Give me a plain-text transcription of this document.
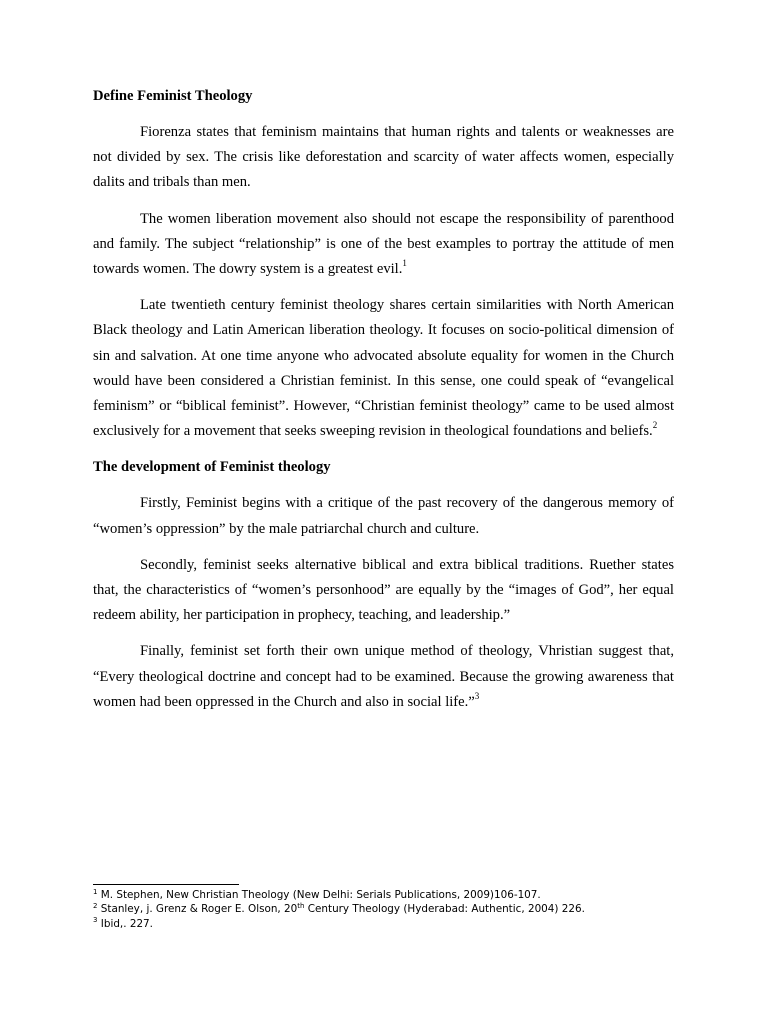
Define Feminist Theology

Fiorenza states that feminism maintains that human rights and talents or weaknesses are not divided by sex. The crisis like deforestation and scarcity of water affects women, especially dalits and tribals than men.

The women liberation movement also should not escape the responsibility of parenthood and family. The subject “relationship” is one of the best examples to portray the attitude of men towards women. The dowry system is a greatest evil.$^1$

Late twentieth century feminist theology shares certain similarities with North American Black theology and Latin American liberation theology. It focuses on socio-political dimension of sin and salvation. At one time anyone who advocated absolute equality for women in the Church would have been considered a Christian feminist. In this sense, one could speak of “evangelical feminism” or “biblical feminist”. However, “Christian feminist theology” came to be used almost exclusively for a movement that seeks sweeping revision in theological foundations and beliefs.$^2$

The development of Feminist theology

Firstly, Feminist begins with a critique of the past recovery of the dangerous memory of “women’s oppression” by the male patriarchal church and culture.

Secondly, feminist seeks alternative biblical and extra biblical traditions. Ruether states that, the characteristics of “women’s personhood” are equally by the “images of God”, her equal redeem ability, her participation in prophecy, teaching, and leadership.”

Finally, feminist set forth their own unique method of theology, Vhristian suggest that, “Every theological doctrine and concept had to be examined. Because the growing awareness that women had been oppressed in the Church and also in social life.”$^3$

$^1$ M. Stephen, New Christian Theology (New Delhi: Serials Publications, 2009)106-107.

$^2$ Stanley, j. Grenz & Roger E. Olson, 20th Century Theology (Hyderabad: Authentic, 2004) 226.

$^3$ Ibid,. 227.
